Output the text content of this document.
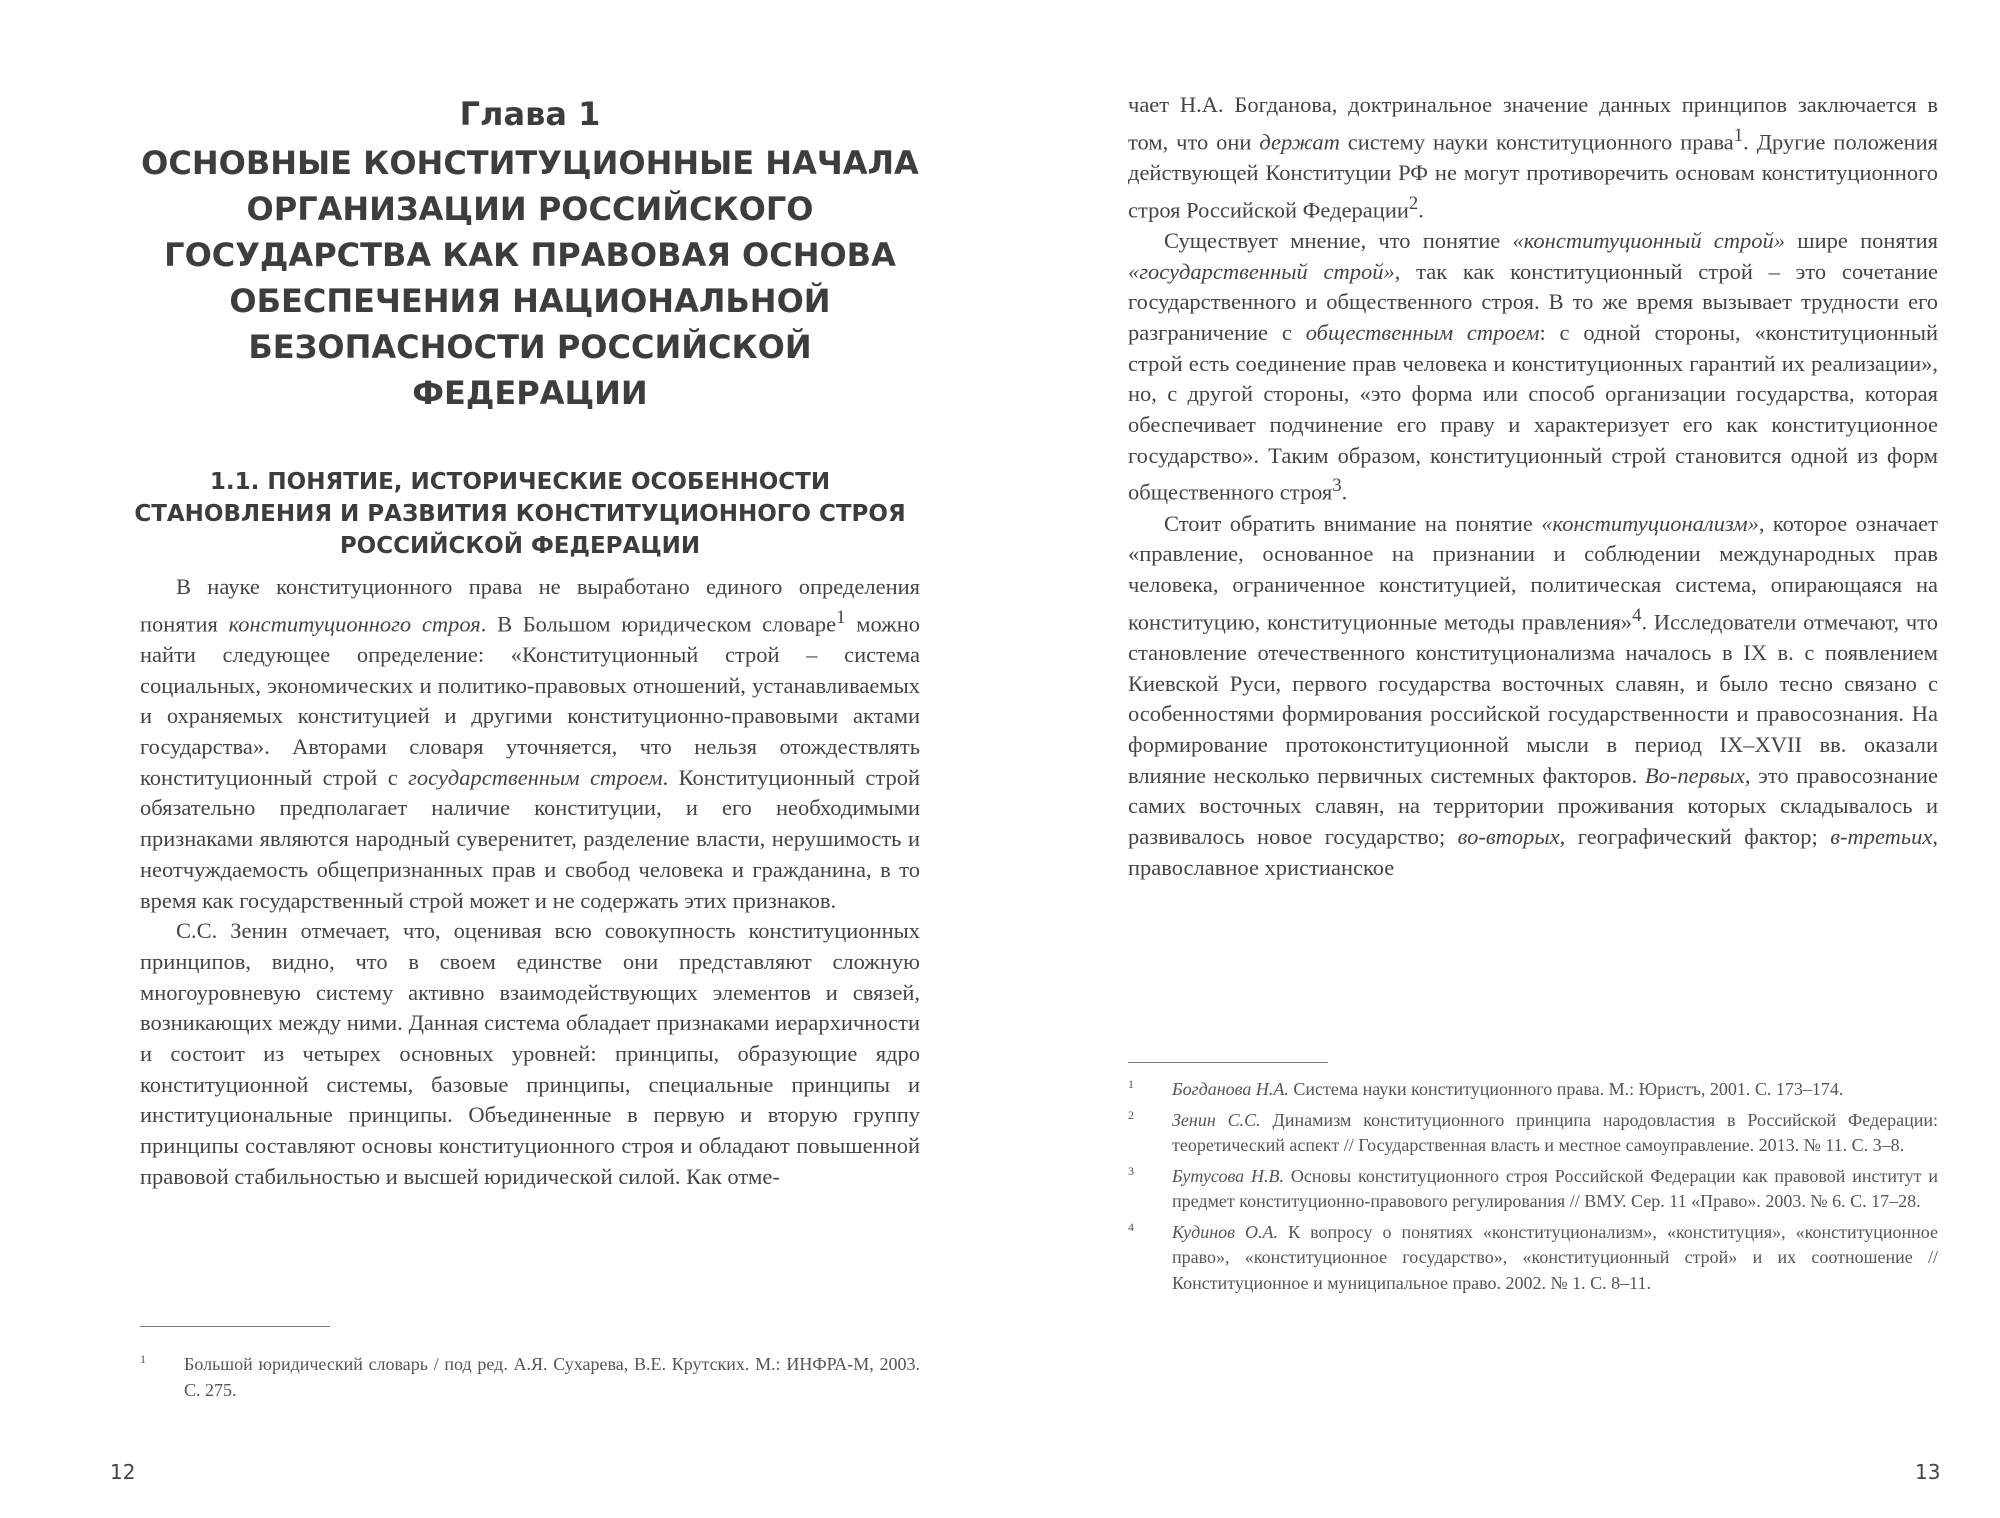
Глава 1
ОСНОВНЫЕ КОНСТИТУЦИОННЫЕ НАЧАЛА ОРГАНИЗАЦИИ РОССИЙСКОГО ГОСУДАРСТВА КАК ПРАВОВАЯ ОСНОВА ОБЕСПЕЧЕНИЯ НАЦИОНАЛЬНОЙ БЕЗОПАСНОСТИ РОССИЙСКОЙ ФЕДЕРАЦИИ
1.1. ПОНЯТИЕ, ИСТОРИЧЕСКИЕ ОСОБЕННОСТИ СТАНОВЛЕНИЯ И РАЗВИТИЯ КОНСТИТУЦИОННОГО СТРОЯ РОССИЙСКОЙ ФЕДЕРАЦИИ

В науке конституционного права не выработано единого определения понятия конституционного строя. В Большом юридическом словаре$^1$ можно найти следующее определение: «Конституционный строй – система социальных, экономических и политико-правовых отношений, устанавливаемых и охраняемых конституцией и другими конституционно-правовыми актами государства». Авторами словаря уточняется, что нельзя отождествлять конституционный строй с государственным строем. Конституционный строй обязательно предполагает наличие конституции, и его необходимыми признаками являются народный суверенитет, разделение власти, нерушимость и неотчуждаемость общепризнанных прав и свобод человека и гражданина, в то время как государственный строй может и не содержать этих признаков.

С.С. Зенин отмечает, что, оценивая всю совокупность конституционных принципов, видно, что в своем единстве они представляют сложную многоуровневую систему активно взаимодействующих элементов и связей, возникающих между ними. Данная система обладает признаками иерархичности и состоит из четырех основных уровней: принципы, образующие ядро конституционной системы, базовые принципы, специальные принципы и институциональные принципы. Объединенные в первую и вторую группу принципы составляют основы конституционного строя и обладают повышенной правовой стабильностью и высшей юридической силой. Как отме-

1 Большой юридический словарь / под ред. А.Я. Сухарева, В.Е. Крутских. М.: ИНФРА-М, 2003. С. 275.
12

чает Н.А. Богданова, доктринальное значение данных принципов заключается в том, что они держат систему науки конституционного права$^1$. Другие положения действующей Конституции РФ не могут противоречить основам конституционного строя Российской Федерации$^2$.

Существует мнение, что понятие «конституционный строй» шире понятия «государственный строй», так как конституционный строй – это сочетание государственного и общественного строя. В то же время вызывает трудности его разграничение с общественным строем: с одной стороны, «конституционный строй есть соединение прав человека и конституционных гарантий их реализации», но, с другой стороны, «это форма или способ организации государства, которая обеспечивает подчинение его праву и характеризует его как конституционное государство». Таким образом, конституционный строй становится одной из форм общественного строя$^3$.

Стоит обратить внимание на понятие «конституционализм», которое означает «правление, основанное на признании и соблюдении международных прав человека, ограниченное конституцией, политическая система, опирающаяся на конституцию, конституционные методы правления»$^4$. Исследователи отмечают, что становление отечественного конституционализма началось в IX в. с появлением Киевской Руси, первого государства восточных славян, и было тесно связано с особенностями формирования российской государственности и правосознания. На формирование протоконституционной мысли в период IX–XVII вв. оказали влияние несколько первичных системных факторов. Во-первых, это правосознание самих восточных славян, на территории проживания которых складывалось и развивалось новое государство; во-вторых, географический фактор; в-третьих, православное христианское

1 Богданова Н.А. Система науки конституционного права. М.: Юристъ, 2001. С. 173–174.
2 Зенин С.С. Динамизм конституционного принципа народовластия в Российской Федерации: теоретический аспект // Государственная власть и местное самоуправление. 2013. № 11. С. 3–8.
3 Бутусова Н.В. Основы конституционного строя Российской Федерации как правовой институт и предмет конституционно-правового регулирования // ВМУ. Сер. 11 «Право». 2003. № 6. С. 17–28.
4 Кудинов О.А. К вопросу о понятиях «конституционализм», «конституция», «конституционное право», «конституционное государство», «конституционный строй» и их соотношение // Конституционное и муниципальное право. 2002. № 1. С. 8–11.
13
